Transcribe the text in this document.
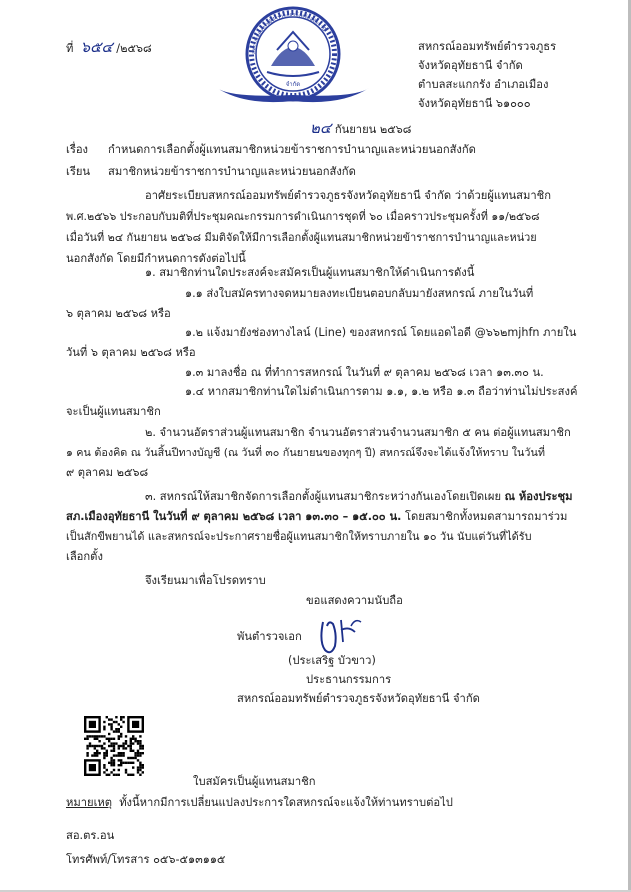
ที่ ๖๕๔ /๒๕๖๘
จำกัด
สหกรณ์ออมทรัพย์ตำรวจภูธรจังหวัดอุทัยธานี
สหกรณ์ออมทรัพย์ตำรวจภูธร
จังหวัดอุทัยธานี จำกัด
ตำบลสะแกกรัง อำเภอเมือง
จังหวัดอุทัยธานี ๖๑๐๐๐
๒๔ กันยายน ๒๕๖๘
เรื่อง กำหนดการเลือกตั้งผู้แทนสมาชิกหน่วยข้าราชการบำนาญและหน่วยนอกสังกัด
เรียน สมาชิกหน่วยข้าราชการบำนาญและหน่วยนอกสังกัด
อาศัยระเบียบสหกรณ์ออมทรัพย์ตำรวจภูธรจังหวัดอุทัยธานี จำกัด ว่าด้วยผู้แทนสมาชิก
พ.ศ.๒๕๖๖ ประกอบกับมติที่ประชุมคณะกรรมการดำเนินการชุดที่ ๖๐ เมื่อคราวประชุมครั้งที่ ๑๑/๒๕๖๘
เมื่อวันที่ ๒๔ กันยายน ๒๕๖๘ มีมติจัดให้มีการเลือกตั้งผู้แทนสมาชิกหน่วยข้าราชการบำนาญและหน่วย
นอกสังกัด โดยมีกำหนดการดังต่อไปนี้
๑. สมาชิกท่านใดประสงค์จะสมัครเป็นผู้แทนสมาชิกให้ดำเนินการดังนี้
๑.๑ ส่งใบสมัครทางจดหมายลงทะเบียนตอบกลับมายังสหกรณ์ ภายในวันที่
๖ ตุลาคม ๒๕๖๘ หรือ
๑.๒ แจ้งมายังช่องทางไลน์ (Line) ของสหกรณ์ โดยแอดไอดี @๖๖๒mjhfn ภายใน
วันที่ ๖ ตุลาคม ๒๕๖๘ หรือ
๑.๓ มาลงชื่อ ณ ที่ทำการสหกรณ์ ในวันที่ ๙ ตุลาคม ๒๕๖๘ เวลา ๑๓.๓๐ น.
๑.๔ หากสมาชิกท่านใดไม่ดำเนินการตาม ๑.๑, ๑.๒ หรือ ๑.๓ ถือว่าท่านไม่ประสงค์
จะเป็นผู้แทนสมาชิก
๒. จำนวนอัตราส่วนผู้แทนสมาชิก จำนวนอัตราส่วนจำนวนสมาชิก ๕ คน ต่อผู้แทนสมาชิก
๑ คน ต้องคิด ณ วันสิ้นปีทางบัญชี (ณ วันที่ ๓๐ กันยายนของทุกๆ ปี) สหกรณ์จึงจะได้แจ้งให้ทราบ ในวันที่
๙ ตุลาคม ๒๕๖๘
๓. สหกรณ์ให้สมาชิกจัดการเลือกตั้งผู้แทนสมาชิกระหว่างกันเองโดยเปิดเผย ณ ห้องประชุม
สภ.เมืองอุทัยธานี ในวันที่ ๙ ตุลาคม ๒๕๖๘ เวลา ๑๓.๓๐ – ๑๕.๐๐ น. โดยสมาชิกทั้งหมดสามารถมาร่วม
เป็นสักขีพยานได้ และสหกรณ์จะประกาศรายชื่อผู้แทนสมาชิกให้ทราบภายใน ๑๐ วัน นับแต่วันที่ได้รับ
เลือกตั้ง
จึงเรียนมาเพื่อโปรดทราบ
ขอแสดงความนับถือ
พันตำรวจเอก
(ประเสริฐ บัวขาว)
ประธานกรรมการ
สหกรณ์ออมทรัพย์ตำรวจภูธรจังหวัดอุทัยธานี จำกัด
ใบสมัครเป็นผู้แทนสมาชิก
หมายเหตุ ทั้งนี้หากมีการเปลี่ยนแปลงประการใดสหกรณ์จะแจ้งให้ท่านทราบต่อไป
สอ.ตร.อน
โทรศัพท์/โทรสาร ๐๕๖-๕๑๓๑๑๕
